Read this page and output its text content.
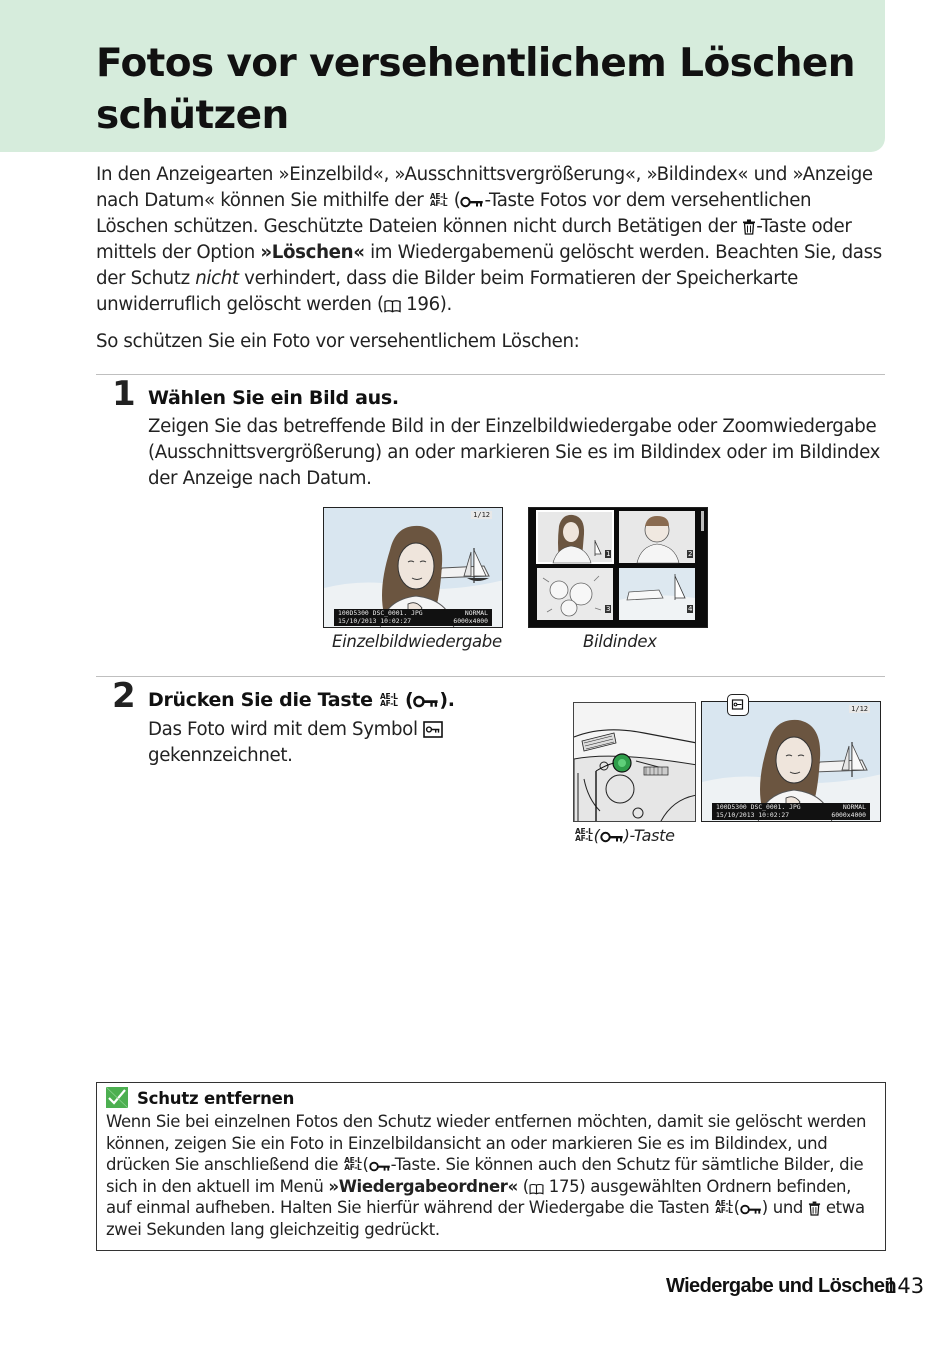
Fotos vor versehentlichem Löschen schützen

In den Anzeigearten »Einzelbild«, »Ausschnittsvergrößerung«, »Bildindex« und »Anzeige nach Datum« können Sie mithilfe der AE-L
AF-L ( -Taste Fotos vor dem versehentlichen Löschen schützen. Geschützte Dateien können nicht durch Betätigen der -Taste oder mittels der Option »Löschen« im Wiedergabemenü gelöscht werden. Beachten Sie, dass der Schutz nicht verhindert, dass die Bilder beim Formatieren der Speicherkarte unwiderruflich gelöscht werden ( 196).

So schützen Sie ein Foto vor versehentlichem Löschen:

1 Wählen Sie ein Bild aus.

Zeigen Sie das betreffende Bild in der Einzelbildwiedergabe oder Zoomwiedergabe (Ausschnittsvergrößerung) an oder markieren Sie es im Bildindex oder im Bildindex der Anzeige nach Datum.

1/12
100D5300 DSC_0001. JPG
15/10/2013 10:02:27
NORMAL
6000x4000
Einzelbildwiedergabe
1	2
3	4
Bildindex
2 Drücken Sie die Taste AE-L
AF-L ( ).

Das Foto wird mit dem Symbol
gekennzeichnet.

AE-L
AF-L( )-Taste
1/12
100D5300 DSC_0001. JPG
15/10/2013 10:02:27
NORMAL
6000x4000
Schutz entfernen

Wenn Sie bei einzelnen Fotos den Schutz wieder entfernen möchten, damit sie gelöscht werden können, zeigen Sie ein Foto in Einzelbildansicht an oder markieren Sie es im Bildindex, und drücken Sie anschließend die AE-L
AF-L( -Taste. Sie können auch den Schutz für sämtliche Bilder, die sich in den aktuell im Menü »Wiedergabeordner« ( 175) ausgewählten Ordnern befinden, auf einmal aufheben. Halten Sie hierfür während der Wiedergabe die Tasten AE-L
AF-L( ) und etwa zwei Sekunden lang gleichzeitig gedrückt.

Wiedergabe und Löschen
143
